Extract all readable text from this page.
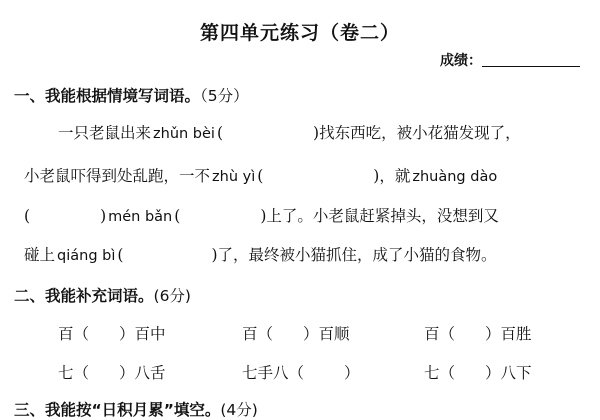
第四单元练习（卷二）
成绩：
一、我能根据情境写词语。（5分）
一只老鼠出来 zhǔn bèi (	)找东西吃，被小花猫发现了，
小老鼠吓得到处乱跑，一不 zhù yì (	)，就 zhuàng dào
(	) mén bǎn (	)上了。小老鼠赶紧掉头，没想到又
碰上 qiáng bì (	)了，最终被小猫抓住，成了小猫的食物。
二、我能补充词语。(6分)
百（ ）百中	百（ ）百顺	百（ ）百胜
七（ ）八舌	七手八（	）	七（ ）八下
三、我能按“日积月累”填空。(4分)
